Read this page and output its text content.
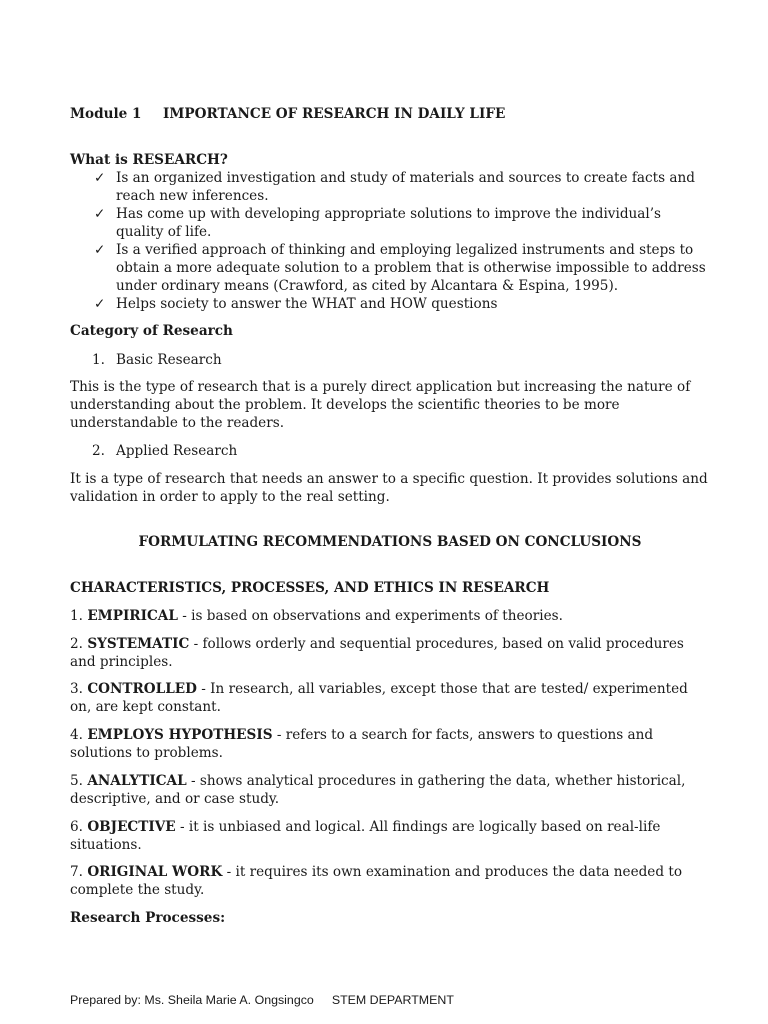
Module 1 IMPORTANCE OF RESEARCH IN DAILY LIFE
What is RESEARCH?
✓ Is an organized investigation and study of materials and sources to create facts and reach new inferences.
✓ Has come up with developing appropriate solutions to improve the individual’s quality of life.
✓ Is a verified approach of thinking and employing legalized instruments and steps to obtain a more adequate solution to a problem that is otherwise impossible to address under ordinary means (Crawford, as cited by Alcantara & Espina, 1995).
✓ Helps society to answer the WHAT and HOW questions
Category of Research
1. Basic Research
This is the type of research that is a purely direct application but increasing the nature of understanding about the problem. It develops the scientific theories to be more understandable to the readers.
2. Applied Research
It is a type of research that needs an answer to a specific question. It provides solutions and validation in order to apply to the real setting.
FORMULATING RECOMMENDATIONS BASED ON CONCLUSIONS
CHARACTERISTICS, PROCESSES, AND ETHICS IN RESEARCH
1. EMPIRICAL - is based on observations and experiments of theories.
2. SYSTEMATIC - follows orderly and sequential procedures, based on valid procedures and principles.
3. CONTROLLED - In research, all variables, except those that are tested/ experimented on, are kept constant.
4. EMPLOYS HYPOTHESIS - refers to a search for facts, answers to questions and solutions to problems.
5. ANALYTICAL - shows analytical procedures in gathering the data, whether historical, descriptive, and or case study.
6. OBJECTIVE - it is unbiased and logical. All findings are logically based on real-life situations.
7. ORIGINAL WORK - it requires its own examination and produces the data needed to complete the study.
Research Processes:
Prepared by: Ms. Sheila Marie A. Ongsingco STEM DEPARTMENT
